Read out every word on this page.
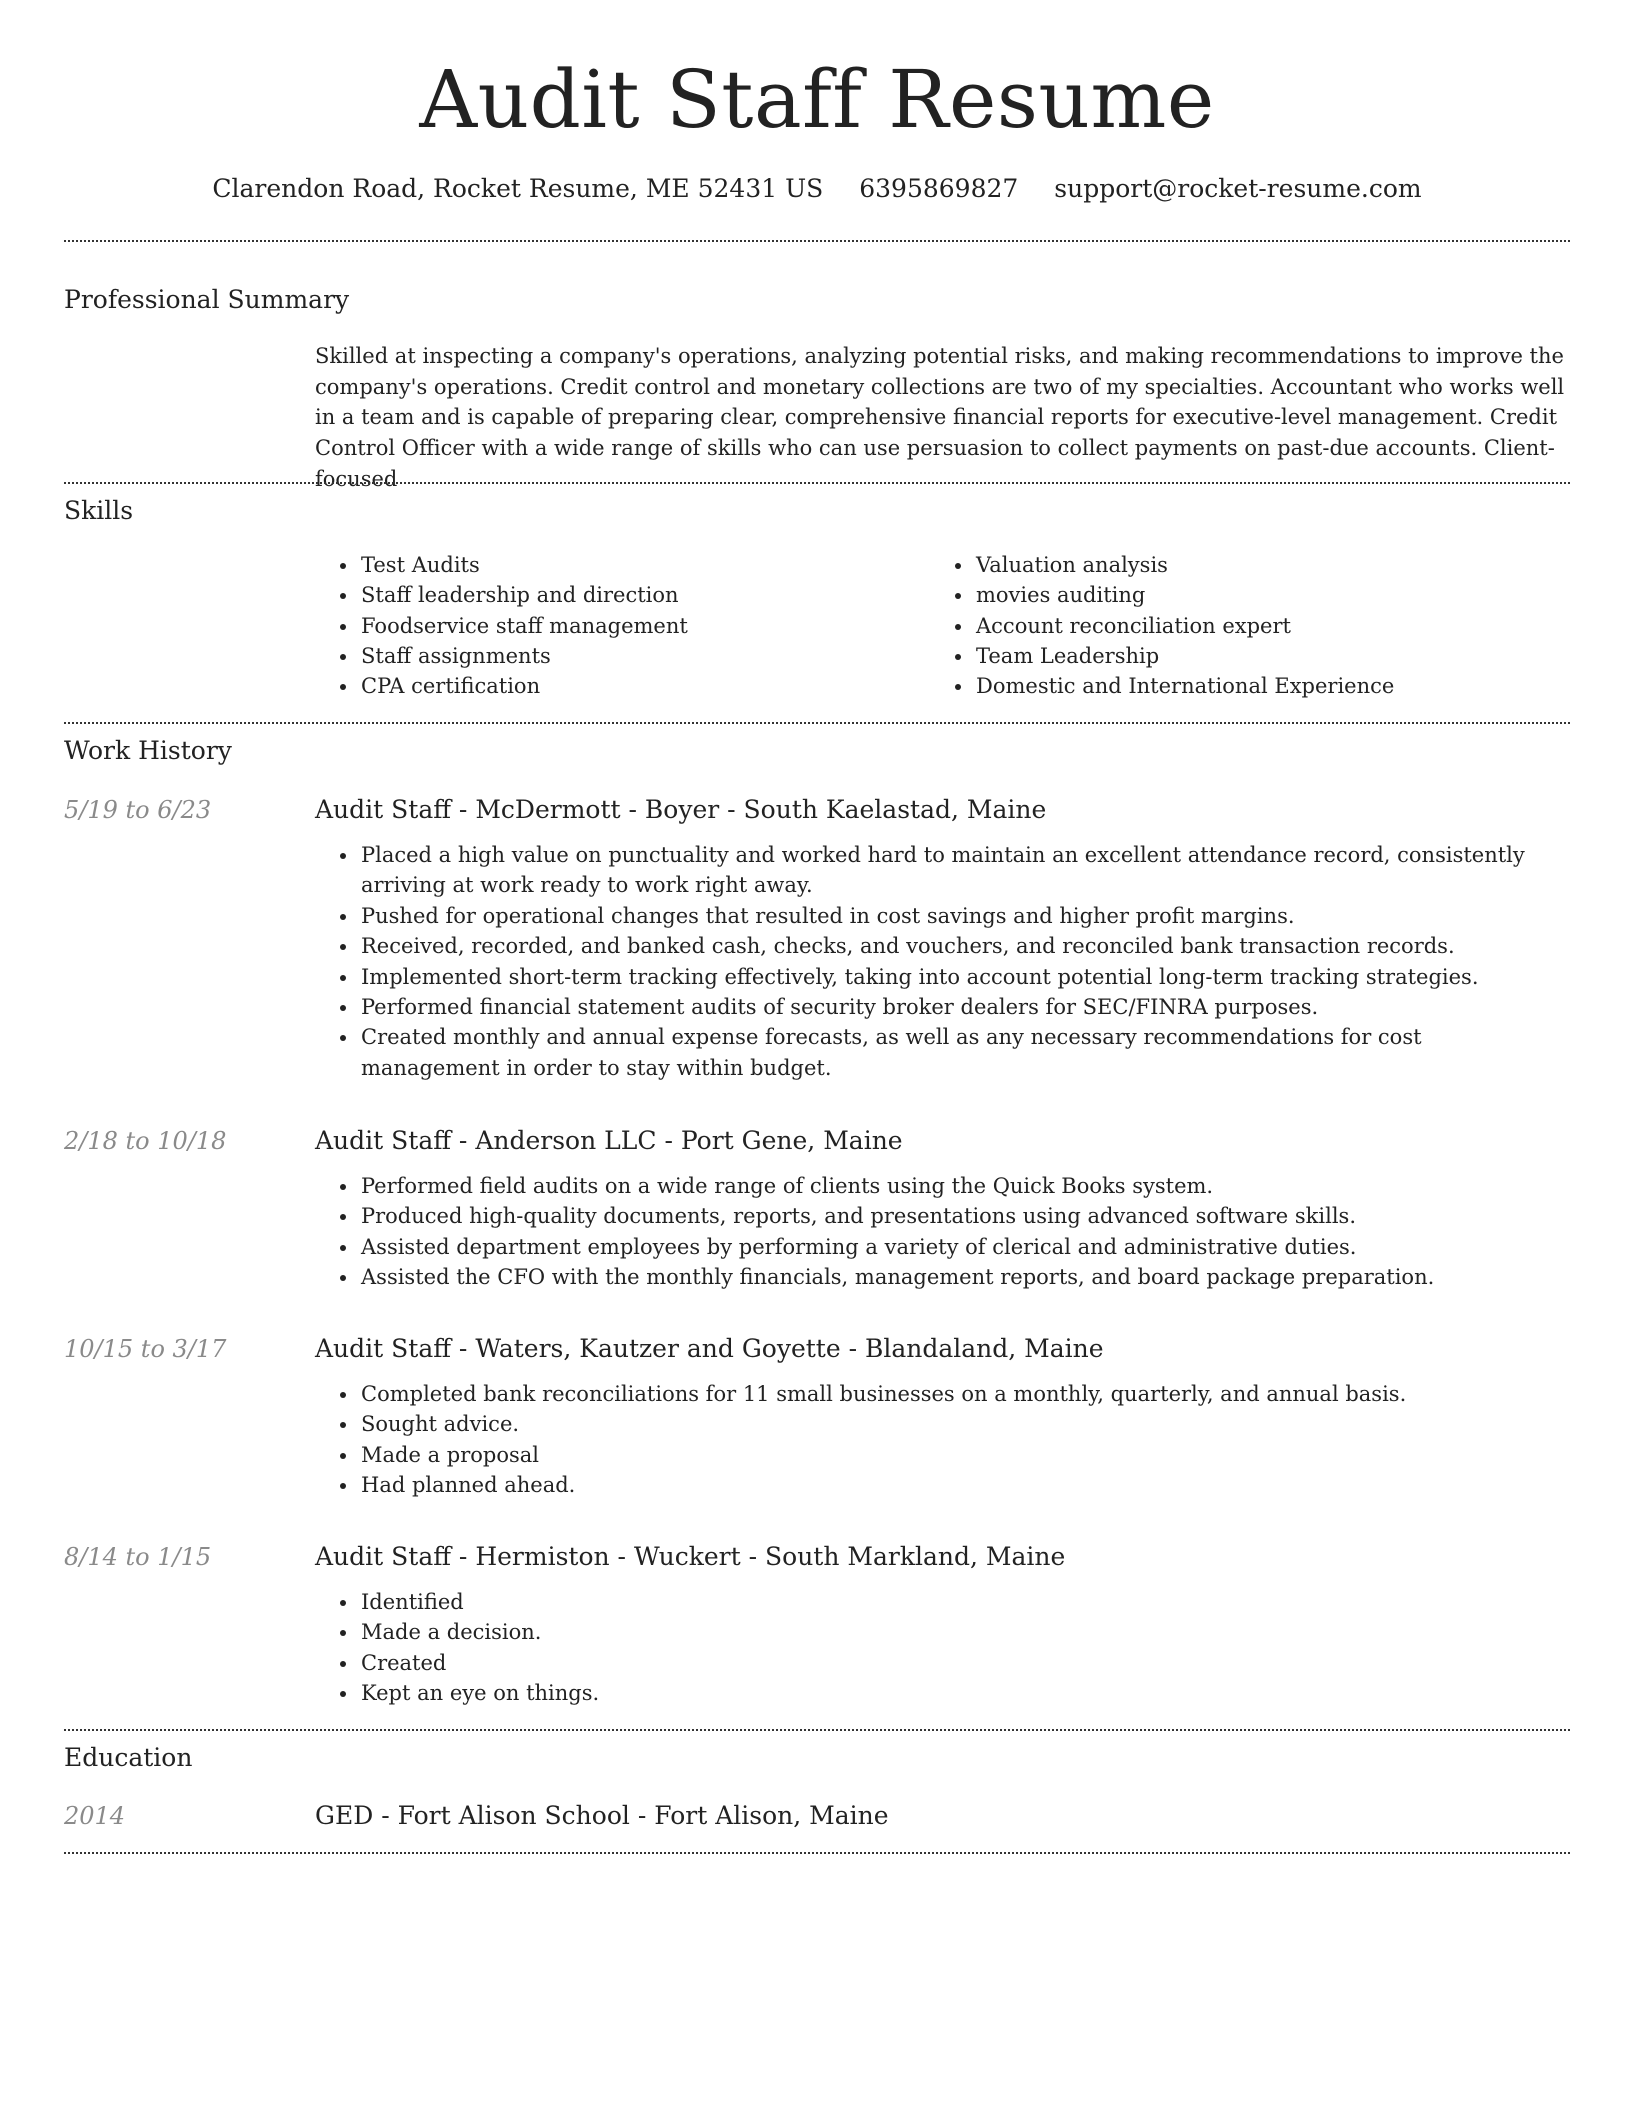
Audit Staff Resume
Clarendon Road, Rocket Resume, ME 52431 US 6395869827 support@rocket-resume.com
Professional Summary

Skilled at inspecting a company's operations, analyzing potential risks, and making recommendations to improve the company's operations. Credit control and monetary collections are two of my specialties. Accountant who works well in a team and is capable of preparing clear, comprehensive financial reports for executive-level management. Credit Control Officer with a wide range of skills who can use persuasion to collect payments on past-due accounts. Client-focused

Skills
• Test Audits
• Staff leadership and direction
• Foodservice staff management
• Staff assignments
• CPA certification
• Valuation analysis
• movies auditing
• Account reconciliation expert
• Team Leadership
• Domestic and International Experience
Work History
5/19 to 6/23	Audit Staff - McDermott - Boyer - South Kaelastad, Maine
• Placed a high value on punctuality and worked hard to maintain an excellent attendance record, consistently arriving at work ready to work right away.
• Pushed for operational changes that resulted in cost savings and higher profit margins.
• Received, recorded, and banked cash, checks, and vouchers, and reconciled bank transaction records.
• Implemented short-term tracking effectively, taking into account potential long-term tracking strategies.
• Performed financial statement audits of security broker dealers for SEC/FINRA purposes.
• Created monthly and annual expense forecasts, as well as any necessary recommendations for cost management in order to stay within budget.
2/18 to 10/18	Audit Staff - Anderson LLC - Port Gene, Maine
• Performed field audits on a wide range of clients using the Quick Books system.
• Produced high-quality documents, reports, and presentations using advanced software skills.
• Assisted department employees by performing a variety of clerical and administrative duties.
• Assisted the CFO with the monthly financials, management reports, and board package preparation.
10/15 to 3/17	Audit Staff - Waters, Kautzer and Goyette - Blandaland, Maine
• Completed bank reconciliations for 11 small businesses on a monthly, quarterly, and annual basis.
• Sought advice.
• Made a proposal
• Had planned ahead.
8/14 to 1/15	Audit Staff - Hermiston - Wuckert - South Markland, Maine
• Identified
• Made a decision.
• Created
• Kept an eye on things.
Education
2014	GED - Fort Alison School - Fort Alison, Maine
